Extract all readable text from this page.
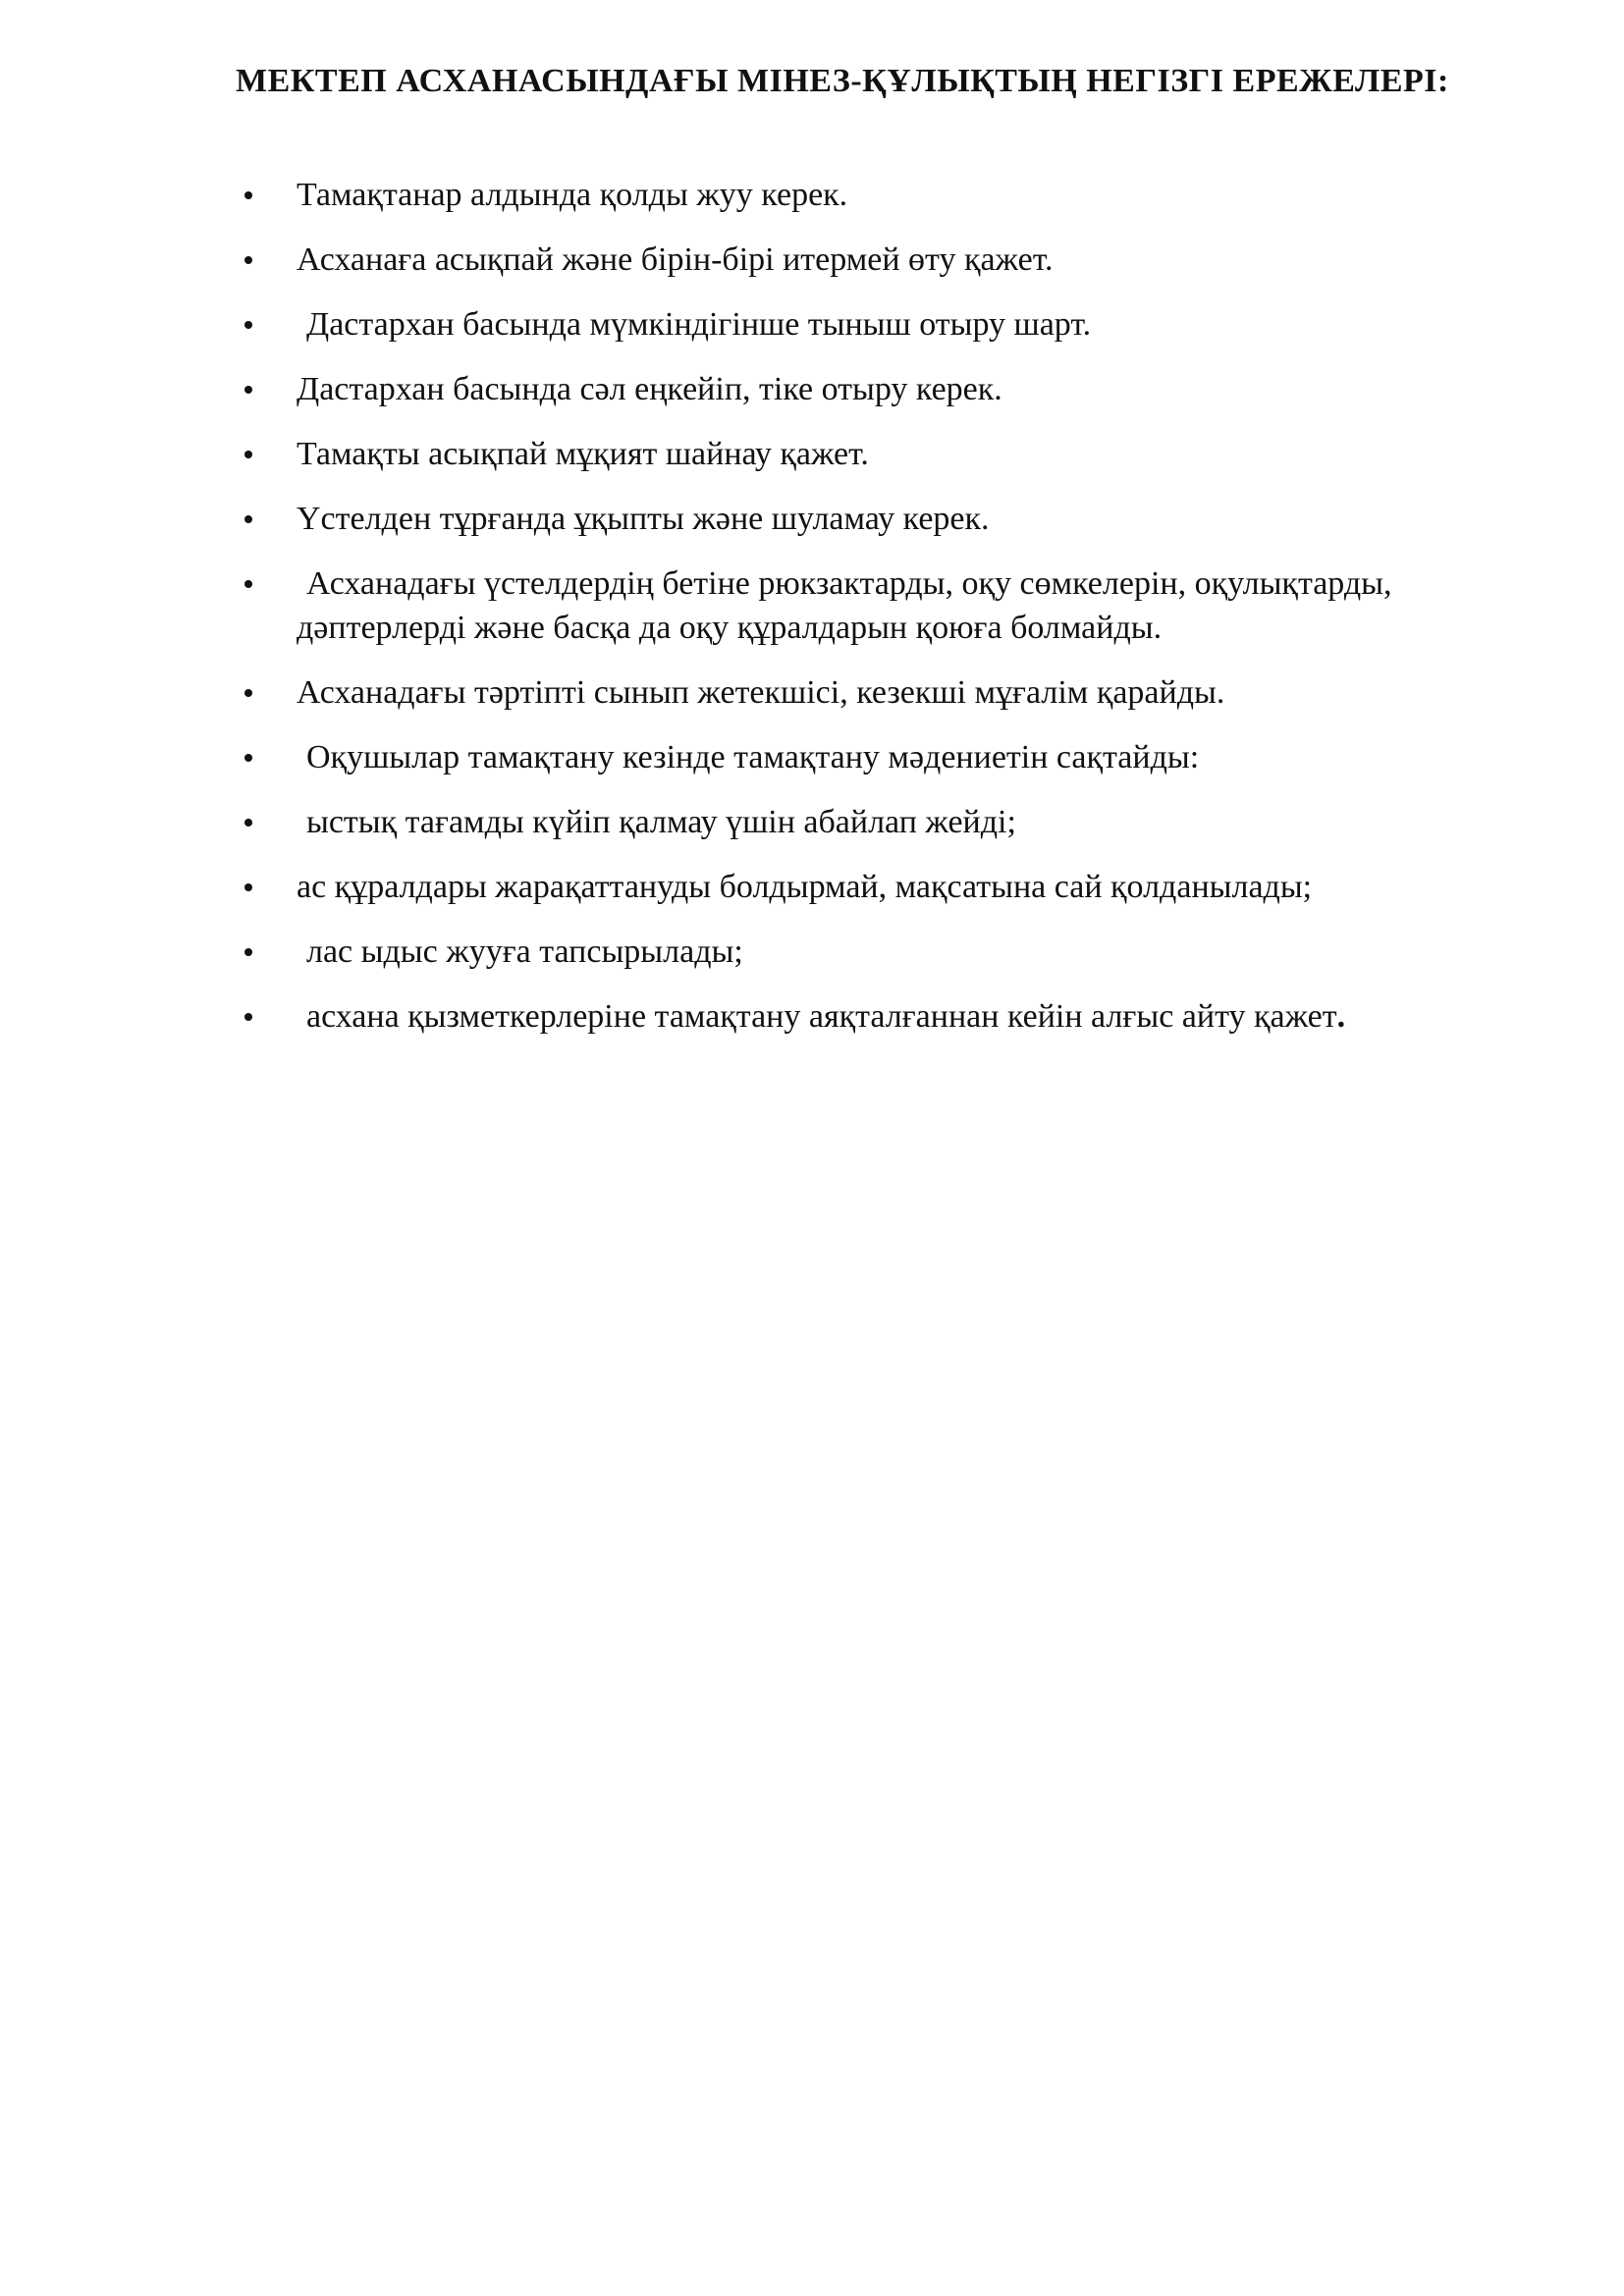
МЕКТЕП АСХАНАСЫНДАҒЫ МІНЕЗ-ҚҰЛЫҚТЫҢ НЕГІЗГІ ЕРЕЖЕЛЕРІ:
Тамақтанар алдында қолды жуу керек.
Асханаға асықпай және бірін-бірі итермей өту қажет.
Дастархан басында мүмкіндігінше тыныш отыру шарт.
Дастархан басында сәл еңкейіп, тіке отыру керек.
Тамақты асықпай мұқият шайнау қажет.
Үстелден тұрғанда ұқыпты және шуламау керек.
Асханадағы үстелдердің бетіне рюкзактарды, оқу сөмкелерін, оқулықтарды, дәптерлерді және басқа да оқу құралдарын қоюға болмайды.
Асханадағы тәртіпті сынып жетекшісі, кезекші мұғалім қарайды.
Оқушылар тамақтану кезінде тамақтану мәдениетін сақтайды:
ыстық тағамды күйіп қалмау үшін абайлап жейді;
ас құралдары жарақаттануды болдырмай, мақсатына сай қолданылады;
лас ыдыс жууға тапсырылады;
асхана қызметкерлеріне тамақтану аяқталғаннан кейін алғыс айту қажет.
